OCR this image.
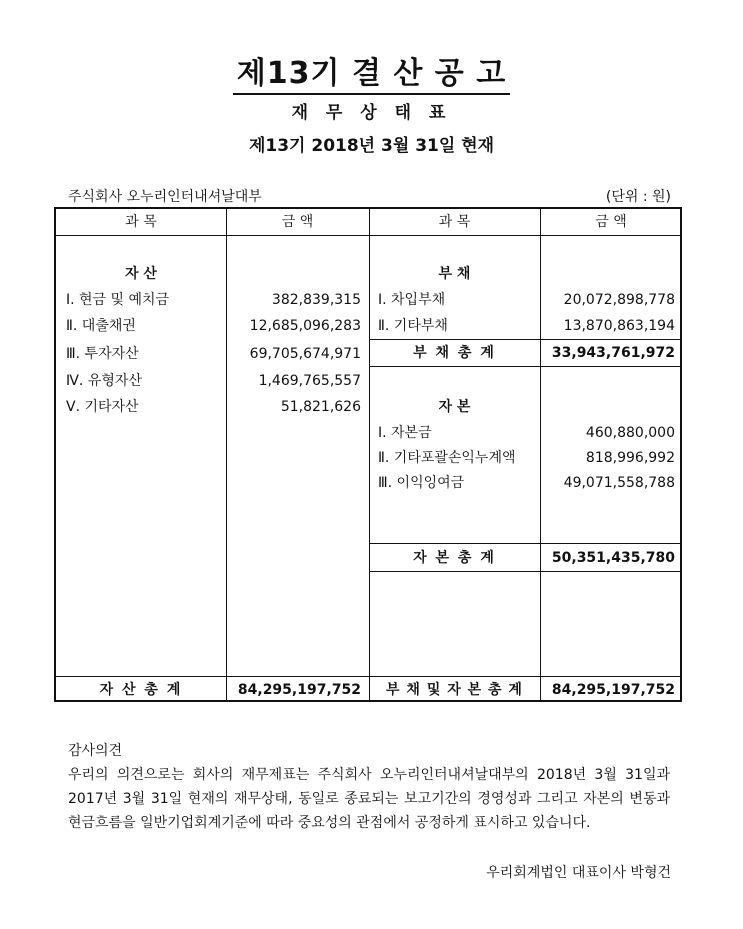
제13기 결 산 공 고
재 무 상 태 표
제13기 2018년 3월 31일 현재
주식회사 오누리인터내셔날대부	(단위 : 원)
과 목	금 액	과 목	금 액
자 산
Ⅰ. 현금 및 예치금	382,839,315
Ⅱ. 대출채권	12,685,096,283
Ⅲ. 투자자산	69,705,674,971
Ⅳ. 유형자산	1,469,765,557
Ⅴ. 기타자산	51,821,626
부 채
Ⅰ. 차입부채	20,072,898,778
Ⅱ. 기타부채	13,870,863,194
부 채 총 계	33,943,761,972
자 본
Ⅰ. 자본금	460,880,000
Ⅱ. 기타포괄손익누계액	818,996,992
Ⅲ. 이익잉여금	49,071,558,788
자 본 총 계	50,351,435,780
자 산 총 계	84,295,197,752	부 채 및 자 본 총 계	84,295,197,752
감사의견
우리의 의견으로는 회사의 재무제표는 주식회사 오누리인터내셔날대부의 2018년 3월 31일과 2017년 3월 31일 현재의 재무상태, 동일로 종료되는 보고기간의 경영성과 그리고 자본의 변동과 현금흐름을 일반기업회계기준에 따라 중요성의 관점에서 공정하게 표시하고 있습니다.
우리회계법인 대표이사 박형건
